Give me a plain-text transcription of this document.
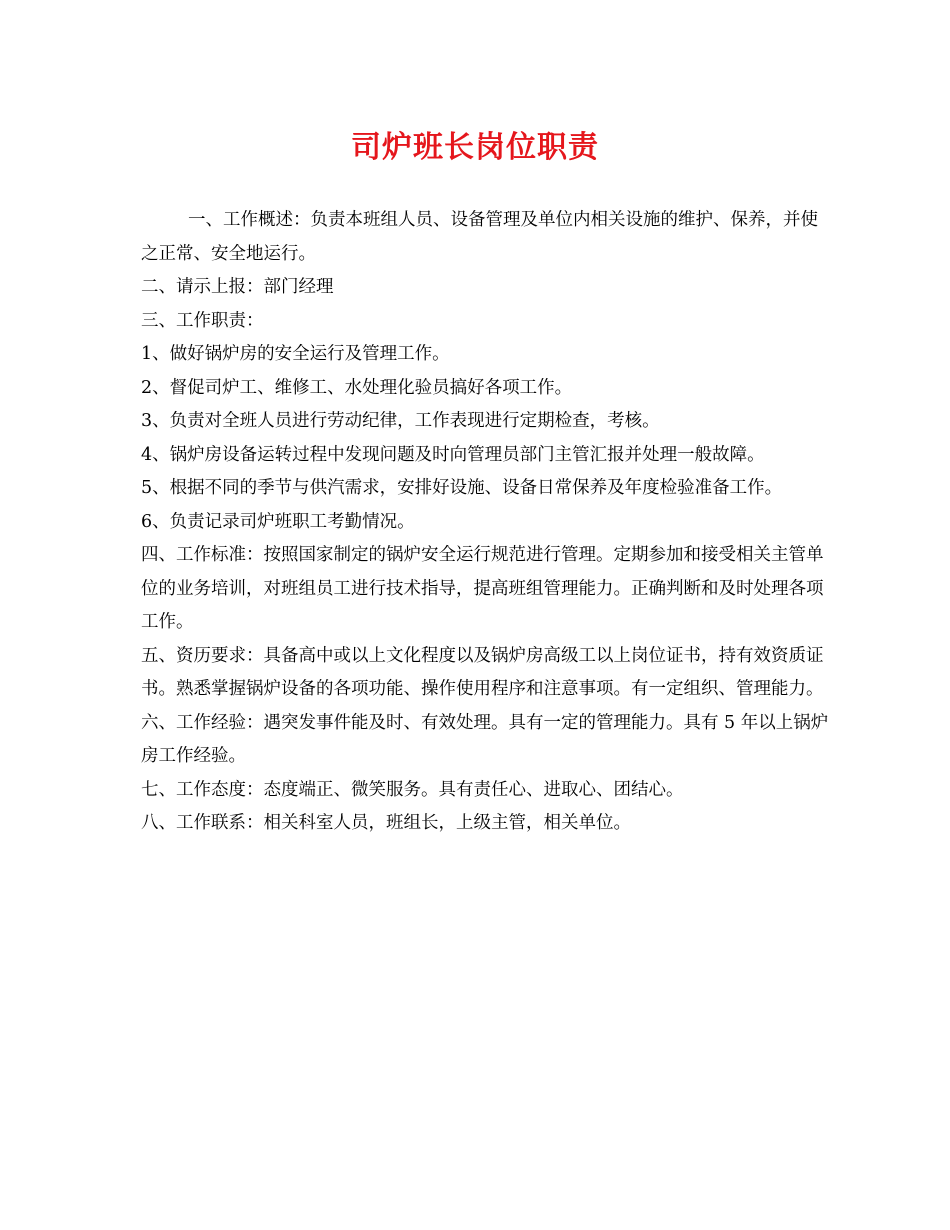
司炉班长岗位职责

一、工作概述：负责本班组人员、设备管理及单位内相关设施的维护、保养，并使之正常、安全地运行。

二、请示上报：部门经理

三、工作职责：

1、做好锅炉房的安全运行及管理工作。

2、督促司炉工、维修工、水处理化验员搞好各项工作。

3、负责对全班人员进行劳动纪律，工作表现进行定期检查，考核。

4、锅炉房设备运转过程中发现问题及时向管理员部门主管汇报并处理一般故障。

5、根据不同的季节与供汽需求，安排好设施、设备日常保养及年度检验准备工作。

6、负责记录司炉班职工考勤情况。

四、工作标准：按照国家制定的锅炉安全运行规范进行管理。定期参加和接受相关主管单位的业务培训，对班组员工进行技术指导，提高班组管理能力。正确判断和及时处理各项工作。

五、资历要求：具备高中或以上文化程度以及锅炉房高级工以上岗位证书，持有效资质证书。熟悉掌握锅炉设备的各项功能、操作使用程序和注意事项。有一定组织、管理能力。

六、工作经验：遇突发事件能及时、有效处理。具有一定的管理能力。具有 5 年以上锅炉房工作经验。

七、工作态度：态度端正、微笑服务。具有责任心、进取心、团结心。

八、工作联系：相关科室人员，班组长，上级主管，相关单位。
